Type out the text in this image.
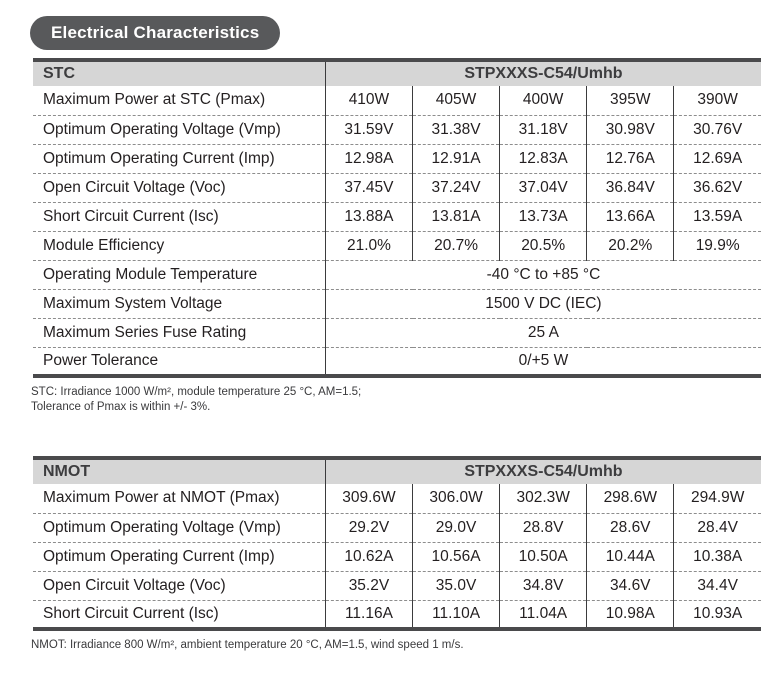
Electrical Characteristics
STC	STPXXXS-C54/Umhb				
Maximum Power at STC (Pmax)	410W	405W	400W	395W	390W
Optimum Operating Voltage (Vmp)	31.59V	31.38V	31.18V	30.98V	30.76V
Optimum Operating Current (Imp)	12.98A	12.91A	12.83A	12.76A	12.69A
Open Circuit Voltage (Voc)	37.45V	37.24V	37.04V	36.84V	36.62V
Short Circuit Current (Isc)	13.88A	13.81A	13.73A	13.66A	13.59A
Module Efficiency	21.0%	20.7%	20.5%	20.2%	19.9%
Operating Module Temperature	-40 °C to +85 °C				
Maximum System Voltage	1500 V DC (IEC)				
Maximum Series Fuse Rating	25 A				
Power Tolerance	0/+5 W				
STC: Irradiance 1000 W/m², module temperature 25 °C, AM=1.5;
Tolerance of Pmax is within +/- 3%.
NMOT	STPXXXS-C54/Umhb				
Maximum Power at NMOT (Pmax)	309.6W	306.0W	302.3W	298.6W	294.9W
Optimum Operating Voltage (Vmp)	29.2V	29.0V	28.8V	28.6V	28.4V
Optimum Operating Current (Imp)	10.62A	10.56A	10.50A	10.44A	10.38A
Open Circuit Voltage (Voc)	35.2V	35.0V	34.8V	34.6V	34.4V
Short Circuit Current (Isc)	11.16A	11.10A	11.04A	10.98A	10.93A
NMOT: Irradiance 800 W/m², ambient temperature 20 °C, AM=1.5, wind speed 1 m/s.
